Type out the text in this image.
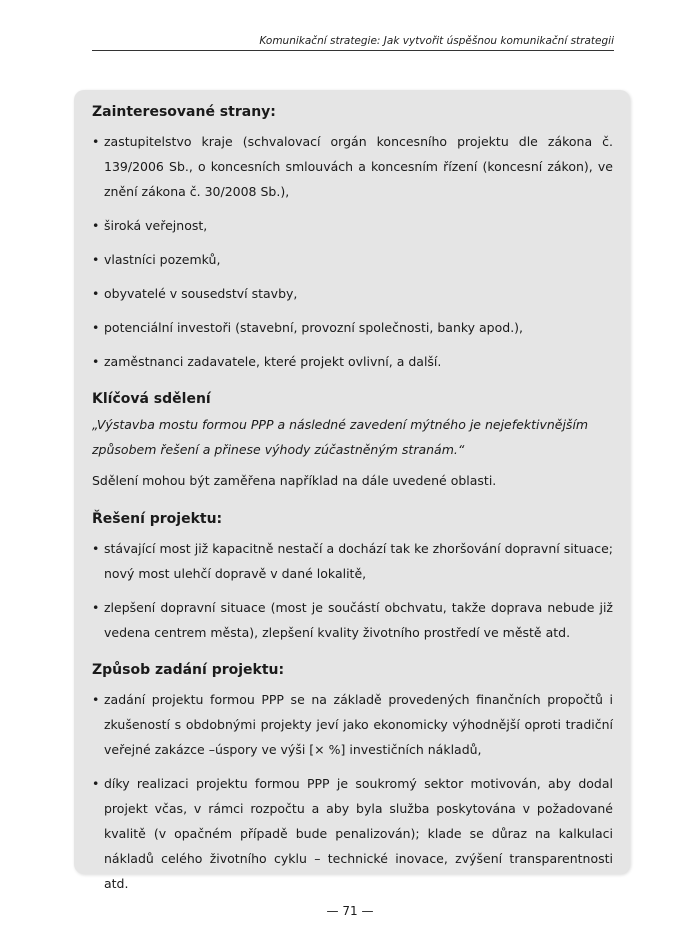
Komunikační strategie: Jak vytvořit úspěšnou komunikační strategii
Zainteresované strany:
• zastupitelstvo kraje (schvalovací orgán koncesního projektu dle zákona č. 139/2006 Sb., o koncesních smlouvách a koncesním řízení (koncesní zákon), ve znění zákona č. 30/2008 Sb.),
• široká veřejnost,
• vlastníci pozemků,
• obyvatelé v sousedství stavby,
• potenciální investoři (stavební, provozní společnosti, banky apod.),
• zaměstnanci zadavatele, které projekt ovlivní, a další.
Klíčová sdělení

„Výstavba mostu formou PPP a následné zavedení mýtného je nejefektivnějším způsobem řešení a přinese výhody zúčastněným stranám.“

Sdělení mohou být zaměřena například na dále uvedené oblasti.

Řešení projektu:
• stávající most již kapacitně nestačí a dochází tak ke zhoršování dopravní situace; nový most ulehčí dopravě v dané lokalitě,
• zlepšení dopravní situace (most je součástí obchvatu, takže doprava nebude již vedena centrem města), zlepšení kvality životního prostředí ve městě atd.
Způsob zadání projektu:
• zadání projektu formou PPP se na základě provedených finančních propočtů i zkušeností s obdobnými projekty jeví jako ekonomicky výhodnější oproti tradiční veřejné zakázce –úspory ve výši [× %] investičních nákladů,
• díky realizaci projektu formou PPP je soukromý sektor motivován, aby dodal projekt včas, v rámci rozpočtu a aby byla služba poskytována v požadované kvalitě (v opačném případě bude penalizován); klade se důraz na kalkulaci nákladů celého životního cyklu – technické inovace, zvýšení transparentnosti atd.
— 71 —
